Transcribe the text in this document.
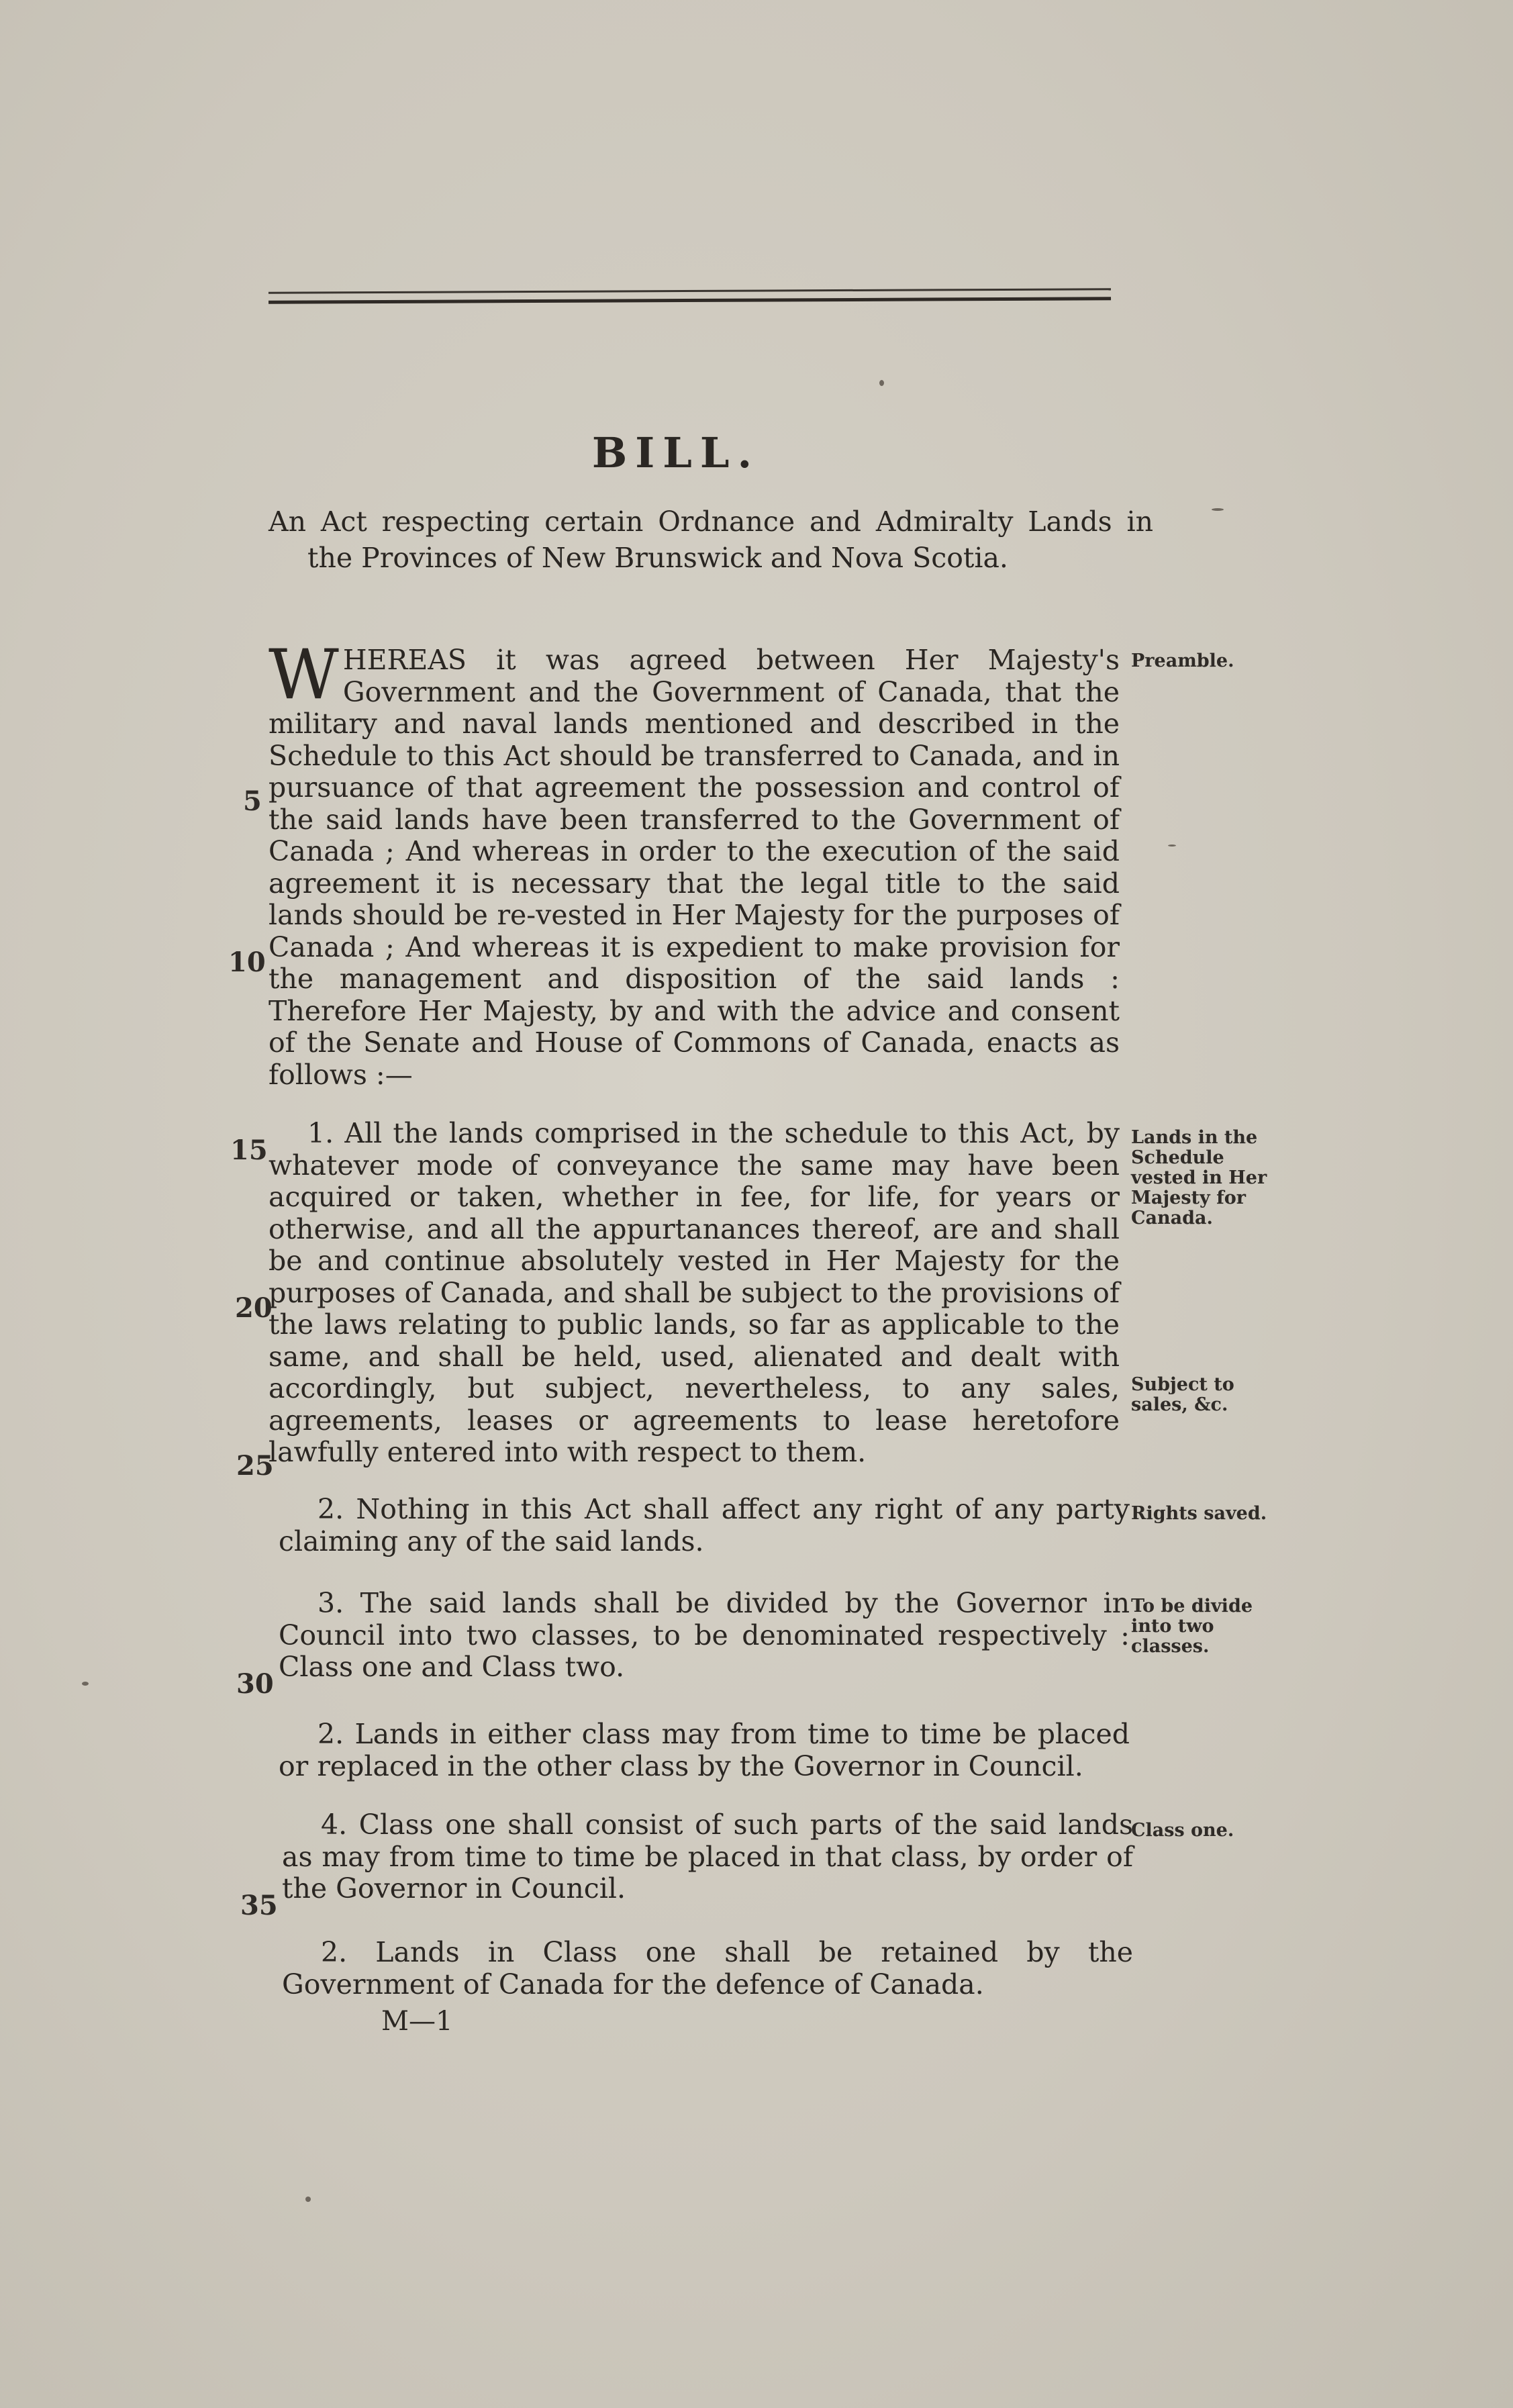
BILL.
An Act respecting certain Ordnance and Admiralty Lands in the Provinces of New Brunswick and Nova Scotia.
WHEREAS it was agreed between Her Majesty's Government and the Government of Canada, that the military and naval lands mentioned and described in the Schedule to this Act should be transferred to Canada, and in pursuance of that agreement the possession and control of the said lands have been transferred to the Government of Canada ; And whereas in order to the execution of the said agreement it is necessary that the legal title to the said lands should be re-vested in Her Majesty for the purposes of Canada ; And whereas it is expedient to make provision for the management and disposition of the said lands : Therefore Her Majesty, by and with the advice and consent of the Senate and House of Commons of Canada, enacts as follows :—
1. All the lands comprised in the schedule to this Act, by whatever mode of conveyance the same may have been acquired or taken, whether in fee, for life, for years or otherwise, and all the appurtanances thereof, are and shall be and continue absolutely vested in Her Majesty for the purposes of Canada, and shall be subject to the provisions of the laws relating to public lands, so far as applicable to the same, and shall be held, used, alienated and dealt with accordingly, but subject, nevertheless, to any sales, agreements, leases or agreements to lease heretofore lawfully entered into with respect to them.
2. Nothing in this Act shall affect any right of any party claiming any of the said lands.
3. The said lands shall be divided by the Governor in Council into two classes, to be denominated respectively : Class one and Class two.
2. Lands in either class may from time to time be placed or replaced in the other class by the Governor in Council.
4. Class one shall consist of such parts of the said lands as may from time to time be placed in that class, by order of the Governor in Council.
2. Lands in Class one shall be retained by the Government of Canada for the defence of Canada.
M—1
5
10
15
20
25
30
35
Preamble.
Lands in the Schedule vested in Her Majesty for Canada.
Subject to sales, &c.
Rights saved.
To be divide into two classes.
Class one.
